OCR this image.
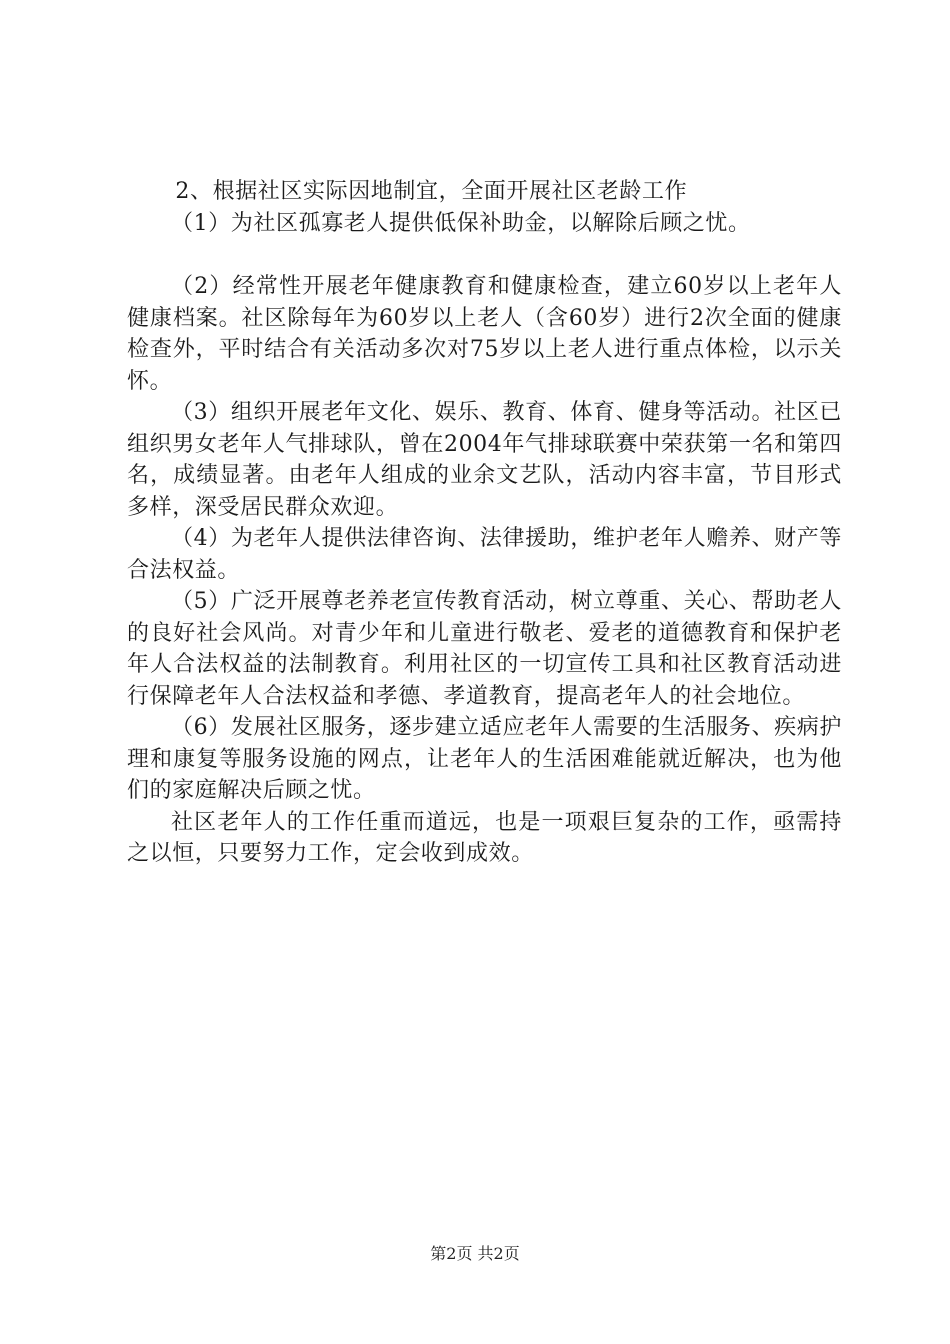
2、根据社区实际因地制宜，全面开展社区老龄工作

（1）为社区孤寡老人提供低保补助金，以解除后顾之忧。

（2）经常性开展老年健康教育和健康检查，建立60岁以上老年人健康档案。社区除每年为60岁以上老人（含60岁）进行2次全面的健康检查外，平时结合有关活动多次对75岁以上老人进行重点体检，以示关怀。

（3）组织开展老年文化、娱乐、教育、体育、健身等活动。社区已组织男女老年人气排球队，曾在2004年气排球联赛中荣获第一名和第四名，成绩显著。由老年人组成的业余文艺队，活动内容丰富，节目形式多样，深受居民群众欢迎。

（4）为老年人提供法律咨询、法律援助，维护老年人赡养、财产等合法权益。

（5）广泛开展尊老养老宣传教育活动，树立尊重、关心、帮助老人的良好社会风尚。对青少年和儿童进行敬老、爱老的道德教育和保护老年人合法权益的法制教育。利用社区的一切宣传工具和社区教育活动进行保障老年人合法权益和孝德、孝道教育，提高老年人的社会地位。

（6）发展社区服务，逐步建立适应老年人需要的生活服务、疾病护理和康复等服务设施的网点，让老年人的生活困难能就近解决，也为他们的家庭解决后顾之忧。

社区老年人的工作任重而道远，也是一项艰巨复杂的工作，亟需持之以恒，只要努力工作，定会收到成效。

第2页 共2页
